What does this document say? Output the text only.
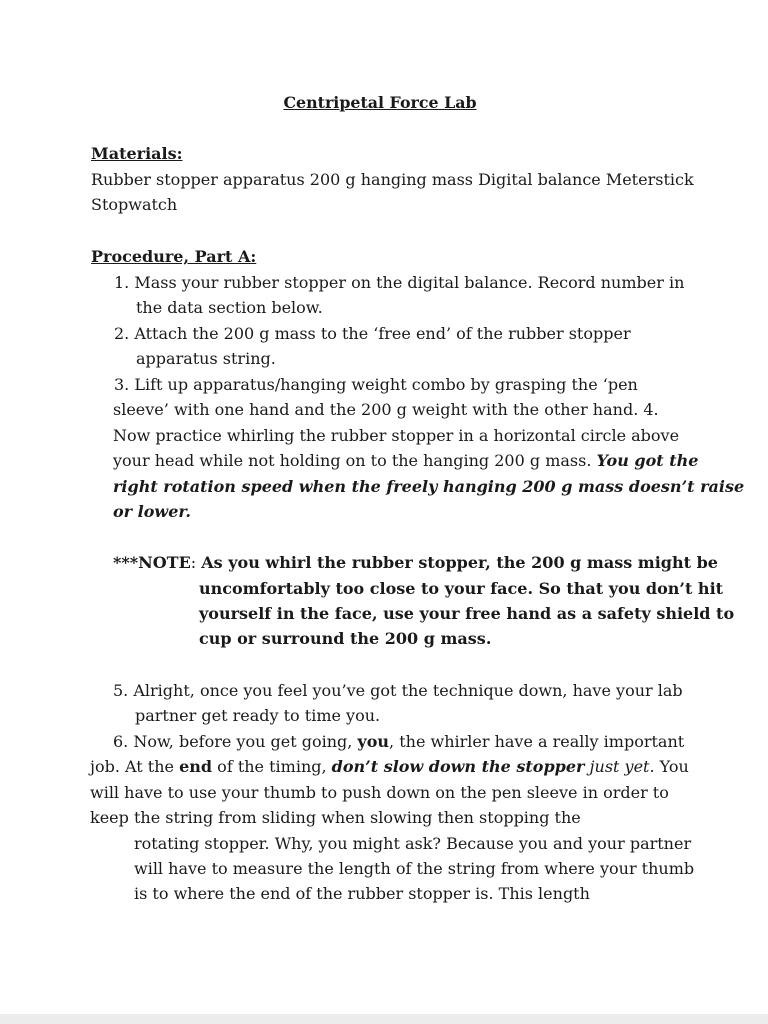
Centripetal Force Lab

Materials:

Rubber stopper apparatus 200 g hanging mass Digital balance Meterstick

Stopwatch

Procedure, Part A:

1. Mass your rubber stopper on the digital balance. Record number in

the data section below.

2. Attach the 200 g mass to the ‘free end’ of the rubber stopper

apparatus string.

3. Lift up apparatus/hanging weight combo by grasping the ‘pen

sleeve’ with one hand and the 200 g weight with the other hand. 4.

Now practice whirling the rubber stopper in a horizontal circle above

your head while not holding on to the hanging 200 g mass. You got the

right rotation speed when the freely hanging 200 g mass doesn’t raise

or lower.

***NOTE: As you whirl the rubber stopper, the 200 g mass might be

uncomfortably too close to your face. So that you don’t hit

yourself in the face, use your free hand as a safety shield to

cup or surround the 200 g mass.

5. Alright, once you feel you’ve got the technique down, have your lab

partner get ready to time you.

6. Now, before you get going, you, the whirler have a really important

job. At the end of the timing, don’t slow down the stopper just yet. You

will have to use your thumb to push down on the pen sleeve in order to

keep the string from sliding when slowing then stopping the

rotating stopper. Why, you might ask? Because you and your partner

will have to measure the length of the string from where your thumb

is to where the end of the rubber stopper is. This length
